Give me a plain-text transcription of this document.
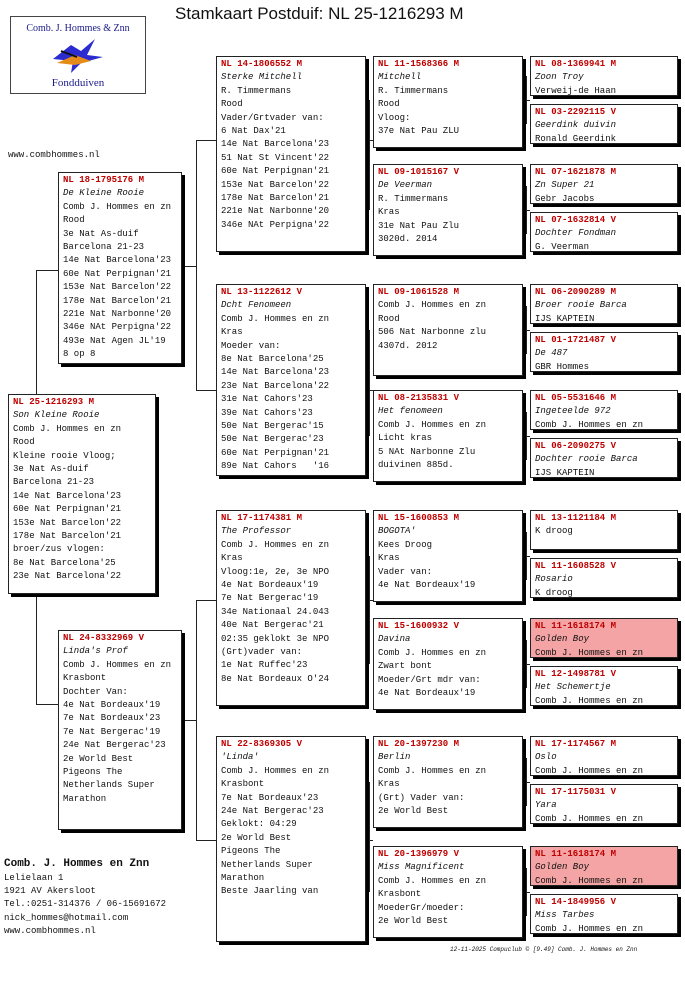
Stamkaart Postduif: NL 25-1216293 M
Comb. J. Hommes & Znn
Fondduiven
www.combhommes.nl
NL 25-1216293 M
Son Kleine Rooie
Comb J. Hommes en zn
Rood
Kleine rooie Vloog;
3e Nat As-duif
Barcelona 21-23
14e Nat Barcelona'23
60e Nat Perpignan'21
153e Nat Barcelon'22
178e Nat Barcelon'21
broer/zus vlogen:
8e Nat Barcelona'25
23e Nat Barcelona'22
NL 18-1795176 M
De Kleine Rooie
Comb J. Hommes en zn
Rood
3e Nat As-duif
Barcelona 21-23
14e Nat Barcelona'23
60e Nat Perpignan'21
153e Nat Barcelon'22
178e Nat Barcelon'21
221e Nat Narbonne'20
346e NAt Perpigna'22
493e Nat Agen JL'19
8 op 8
NL 24-8332969 V
Linda's Prof
Comb J. Hommes en zn
Krasbont
Dochter Van:
4e Nat Bordeaux'19
7e Nat Bordeaux'23
7e Nat Bergerac'19
24e Nat Bergerac'23
2e World Best
Pigeons The
Netherlands Super
Marathon
NL 14-1806552 M
Sterke Mitchell
R. Timmermans
Rood
Vader/Grtvader van:
6 Nat Dax'21
14e Nat Barcelona'23
51 Nat St Vincent'22
60e Nat Perpignan'21
153e Nat Barcelon'22
178e Nat Barcelon'21
221e Nat Narbonne'20
346e NAt Perpigna'22
NL 13-1122612 V
Dcht Fenomeen
Comb J. Hommes en zn
Kras
Moeder van:
8e Nat Barcelona'25
14e Nat Barcelona'23
23e Nat Barcelona'22
31e Nat Cahors'23
39e Nat Cahors'23
50e Nat Bergerac'15
50e Nat Bergerac'23
60e Nat Perpignan'21
89e Nat Cahors   '16
NL 17-1174381 M
The Professor
Comb J. Hommes en zn
Kras
Vloog:1e, 2e, 3e NPO
4e Nat Bordeaux'19
7e Nat Bergerac'19
34e Nationaal 24.043
40e Nat Bergerac'21
02:35 geklokt 3e NPO
(Grt)vader van:
1e Nat Ruffec'23
8e Nat Bordeaux O'24
NL 22-8369305 V
'Linda'
Comb J. Hommes en zn
Krasbont
7e Nat Bordeaux'23
24e Nat Bergerac'23
Geklokt: 04:29
2e World Best
Pigeons The
Netherlands Super
Marathon
Beste Jaarling van
NL 11-1568366 M
Mitchell
R. Timmermans
Rood
Vloog:
37e Nat Pau ZLU
NL 09-1015167 V
De Veerman
R. Timmermans
Kras
31e Nat Pau Zlu
3020d. 2014
NL 09-1061528 M
Comb J. Hommes en zn
Rood
506 Nat Narbonne zlu
4307d. 2012
NL 08-2135831 V
Het fenomeen
Comb J. Hommes en zn
Licht kras
5 NAt Narbonne Zlu
duivinen 885d.
NL 15-1600853 M
BOGOTA'
Kees Droog
Kras
Vader van:
4e Nat Bordeaux'19
NL 15-1600932 V
Davina
Comb J. Hommes en zn
Zwart bont
Moeder/Grt mdr van:
4e Nat Bordeaux'19
NL 20-1397230 M
Berlin
Comb J. Hommes en zn
Kras
(Grt) Vader van:
2e World Best
NL 20-1396979 V
Miss Magnificent
Comb J. Hommes en zn
Krasbont
MoederGr/moeder:
2e World Best
NL 08-1369941 M
Zoon Troy
Verweij-de Haan
NL 03-2292115 V
Geerdink duivin
Ronald Geerdink
NL 07-1621878 M
Zn Super 21
Gebr Jacobs
NL 07-1632814 V
Dochter Fondman
G. Veerman
NL 06-2090289 M
Broer rooie Barca
IJS KAPTEIN
NL 01-1721487 V
De 487
GBR Hommes
NL 05-5531646 M
Ingeteelde 972
Comb J. Hommes en zn
NL 06-2090275 V
Dochter rooie Barca
IJS KAPTEIN
NL 13-1121184 M
K droog
NL 11-1608528 V
Rosario
K droog
NL 11-1618174 M
Golden Boy
Comb J. Hommes en zn
NL 12-1498781 V
Het Schemertje
Comb J. Hommes en zn
NL 17-1174567 M
Oslo
Comb J. Hommes en zn
NL 17-1175031 V
Yara
Comb J. Hommes en zn
NL 11-1618174 M
Golden Boy
Comb J. Hommes en zn
NL 14-1849956 V
Miss Tarbes
Comb J. Hommes en zn
Comb. J. Hommes en Znn
Lelielaan 1
1921 AV Akersloot
Tel.:0251-314376 / 06-15691672
nick_hommes@hotmail.com
www.combhommes.nl
12-11-2025 Compuclub © [9.49] Comb. J. Hommes en Znn
